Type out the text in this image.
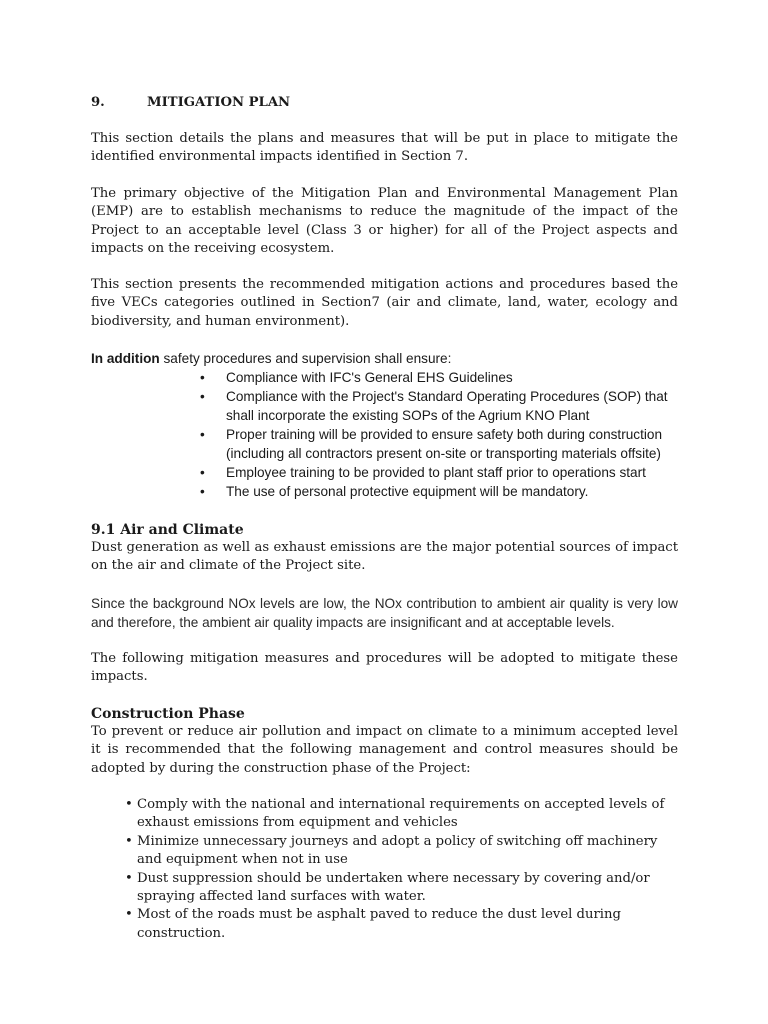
9.	MITIGATION PLAN

This section details the plans and measures that will be put in place to mitigate the identified environmental impacts identified in Section 7.

The primary objective of the Mitigation Plan and Environmental Management Plan (EMP) are to establish mechanisms to reduce the magnitude of the impact of the Project to an acceptable level (Class 3 or higher) for all of the Project aspects and impacts on the receiving ecosystem.

This section presents the recommended mitigation actions and procedures based the five VECs categories outlined in Section7 (air and climate, land, water, ecology and biodiversity, and human environment).

In addition safety procedures and supervision shall ensure:
•	Compliance with IFC's General EHS Guidelines
•	Compliance with the Project's Standard Operating Procedures (SOP) that shall incorporate the existing SOPs of the Agrium KNO Plant
•	Proper training will be provided to ensure safety both during construction (including all contractors present on-site or transporting materials offsite)
•	Employee training to be provided to plant staff prior to operations start
•	The use of personal protective equipment will be mandatory.
9.1 Air and Climate

Dust generation as well as exhaust emissions are the major potential sources of impact on the air and climate of the Project site.

Since the background NOx levels are low, the NOx contribution to ambient air quality is very low and therefore, the ambient air quality impacts are insignificant and at acceptable levels.

The following mitigation measures and procedures will be adopted to mitigate these impacts.

Construction Phase

To prevent or reduce air pollution and impact on climate to a minimum accepted level it is recommended that the following management and control measures should be adopted by during the construction phase of the Project:

• Comply with the national and international requirements on accepted levels of exhaust emissions from equipment and vehicles
• Minimize unnecessary journeys and adopt a policy of switching off machinery and equipment when not in use
• Dust suppression should be undertaken where necessary by covering and/or spraying affected land surfaces with water.
• Most of the roads must be asphalt paved to reduce the dust level during construction.
